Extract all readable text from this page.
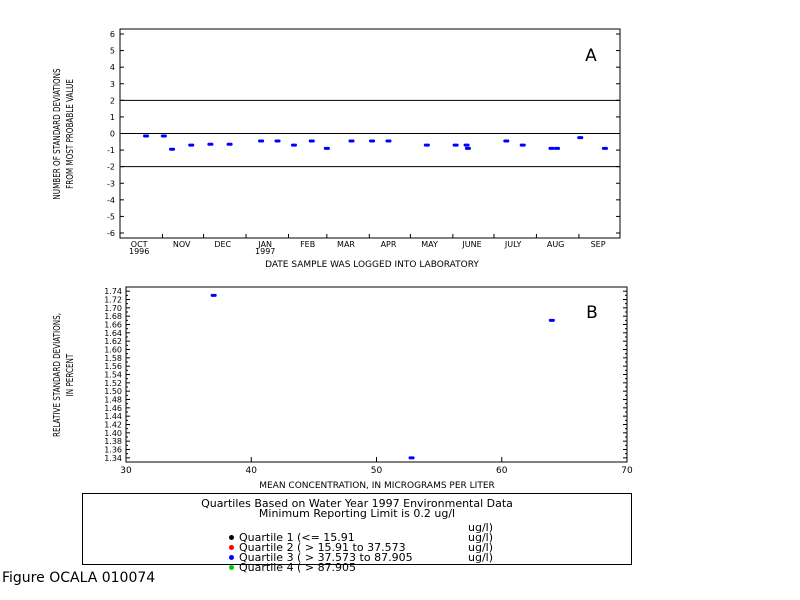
-6
-5
-4
-3
-2
-1
0
1
2
3
4
5
6
OCT
1996
NOV	DEC	JAN
1997
FEB	MAR	APR	MAY	JUNE	JULY	AUG	SEP
A
DATE SAMPLE WAS LOGGED INTO LABORATORY
NUMBER OF STANDARD DEVIATIONS FROM MOST PROBABLE VALUE
1.34
1.36
1.38
1.40
1.42
1.44
1.46
1.48
1.50
1.52
1.54
1.56
1.58
1.60
1.62
1.64
1.66
1.68
1.70
1.72
1.74
30	40	50	60	70
B
MEAN CONCENTRATION, IN MICROGRAMS PER LITER
RELATIVE STANDARD DEVIATIONS, IN PERCENT
Quartiles Based on Water Year 1997 Environmental Data
Minimum Reporting Limit is 0.2 ug/l

Quartile 1 (<= 15.91
ug/l)

Quartile 2 ( > 15.91 to 37.573
ug/l)

Quartile 3 ( > 37.573 to 87.905
ug/l)

Quartile 4 ( > 87.905
ug/l)

Figure OCALA 010074
